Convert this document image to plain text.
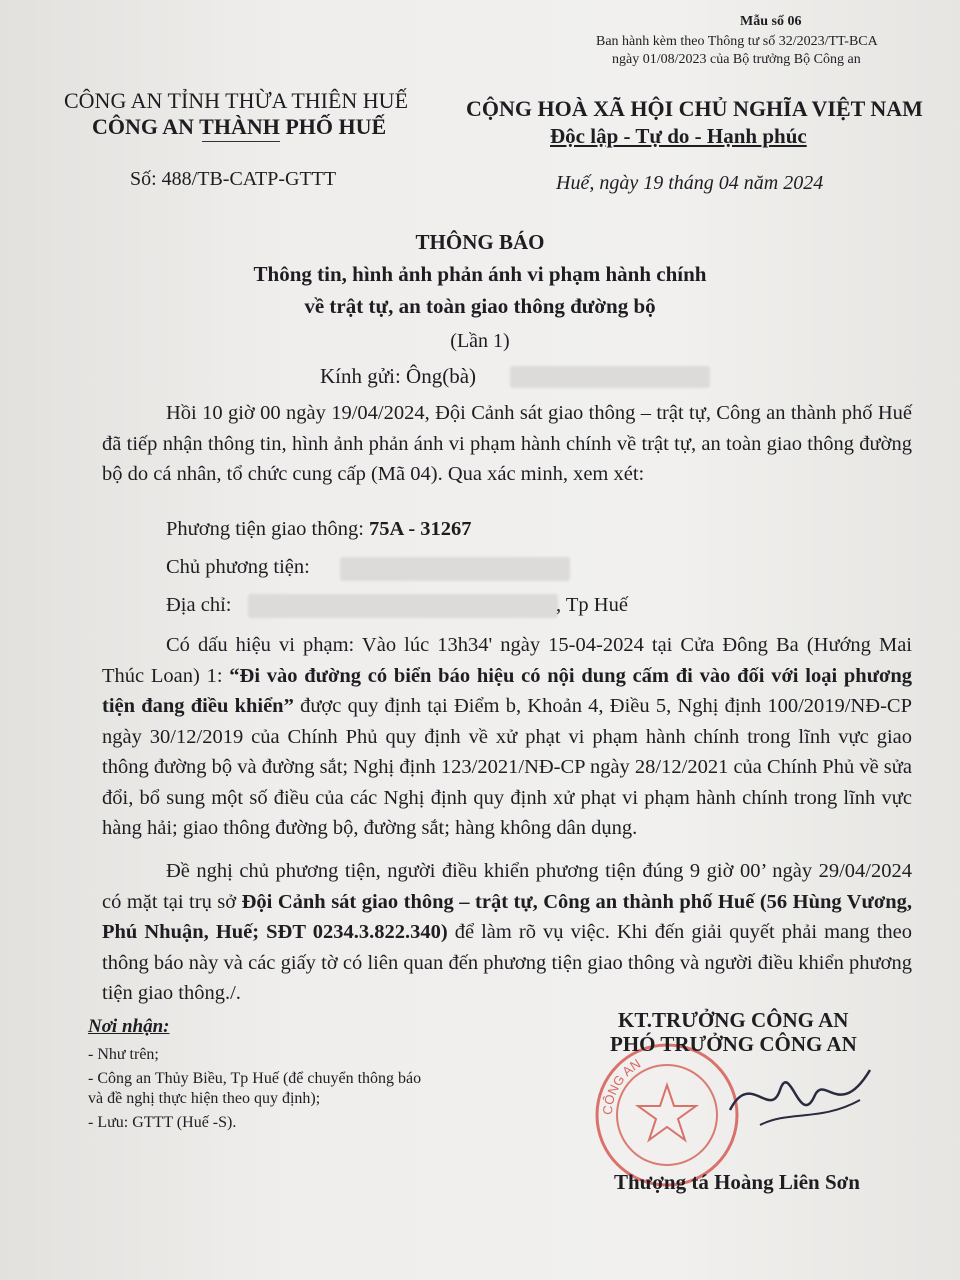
Mẫu số 06
Ban hành kèm theo Thông tư số 32/2023/TT-BCA
ngày 01/08/2023 của Bộ trưởng Bộ Công an
CÔNG AN TỈNH THỪA THIÊN HUẾ
CÔNG AN THÀNH PHỐ HUẾ
CỘNG HOÀ XÃ HỘI CHỦ NGHĨA VIỆT NAM
Độc lập - Tự do - Hạnh phúc
Số: 488/TB-CATP-GTTT	Huế, ngày 19 tháng 04 năm 2024
THÔNG BÁO
Thông tin, hình ảnh phản ánh vi phạm hành chính
về trật tự, an toàn giao thông đường bộ
(Lần 1)
Kính gửi: Ông(bà)
Hồi 10 giờ 00 ngày 19/04/2024, Đội Cảnh sát giao thông – trật tự, Công an thành phố Huế đã tiếp nhận thông tin, hình ảnh phản ánh vi phạm hành chính về trật tự, an toàn giao thông đường bộ do cá nhân, tổ chức cung cấp (Mã 04). Qua xác minh, xem xét:
Phương tiện giao thông: 75A - 31267
Chủ phương tiện:
Địa chỉ:	, Tp Huế
Có dấu hiệu vi phạm: Vào lúc 13h34' ngày 15-04-2024 tại Cửa Đông Ba (Hướng Mai Thúc Loan) 1: “Đi vào đường có biển báo hiệu có nội dung cấm đi vào đối với loại phương tiện đang điều khiển” được quy định tại Điểm b, Khoản 4, Điều 5, Nghị định 100/2019/NĐ-CP ngày 30/12/2019 của Chính Phủ quy định về xử phạt vi phạm hành chính trong lĩnh vực giao thông đường bộ và đường sắt; Nghị định 123/2021/NĐ-CP ngày 28/12/2021 của Chính Phủ về sửa đổi, bổ sung một số điều của các Nghị định quy định xử phạt vi phạm hành chính trong lĩnh vực hàng hải; giao thông đường bộ, đường sắt; hàng không dân dụng.
Đề nghị chủ phương tiện, người điều khiển phương tiện đúng 9 giờ 00’ ngày 29/04/2024 có mặt tại trụ sở Đội Cảnh sát giao thông – trật tự, Công an thành phố Huế (56 Hùng Vương, Phú Nhuận, Huế; SĐT 0234.3.822.340) để làm rõ vụ việc. Khi đến giải quyết phải mang theo thông báo này và các giấy tờ có liên quan đến phương tiện giao thông và người điều khiển phương tiện giao thông./.
Nơi nhận:
- Như trên;
- Công an Thủy Biều, Tp Huế (để chuyển thông báo
và đề nghị thực hiện theo quy định);
- Lưu: GTTT (Huế -S).
CÔNG AN
KT.TRƯỞNG CÔNG AN
PHÓ TRƯỞNG CÔNG AN
Thượng tá Hoàng Liên Sơn
